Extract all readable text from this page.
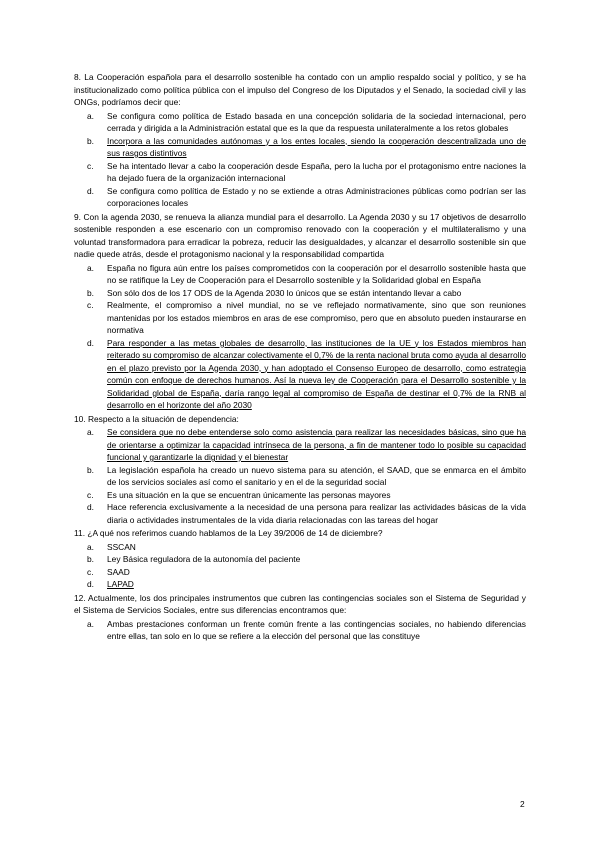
8. La Cooperación española para el desarrollo sostenible ha contado con un amplio respaldo social y político, y se ha institucionalizado como política pública con el impulso del Congreso de los Diputados y el Senado, la sociedad civil y las ONGs, podríamos decir que:

a. Se configura como política de Estado basada en una concepción solidaria de la sociedad internacional, pero cerrada y dirigida a la Administración estatal que es la que da respuesta unilateralmente a los retos globales
b. Incorpora a las comunidades autónomas y a los entes locales, siendo la cooperación descentralizada uno de sus rasgos distintivos
c. Se ha intentado llevar a cabo la cooperación desde España, pero la lucha por el protagonismo entre naciones la ha dejado fuera de la organización internacional
d. Se configura como política de Estado y no se extiende a otras Administraciones públicas como podrían ser las corporaciones locales

9. Con la agenda 2030, se renueva la alianza mundial para el desarrollo. La Agenda 2030 y su 17 objetivos de desarrollo sostenible responden a ese escenario con un compromiso renovado con la cooperación y el multilateralismo y una voluntad transformadora para erradicar la pobreza, reducir las desigualdades, y alcanzar el desarrollo sostenible sin que nadie quede atrás, desde el protagonismo nacional y la responsabilidad compartida

a. España no figura aún entre los países comprometidos con la cooperación por el desarrollo sostenible hasta que no se ratifique la Ley de Cooperación para el Desarrollo sostenible y la Solidaridad global en España
b. Son sólo dos de los 17 ODS de la Agenda 2030 lo únicos que se están intentando llevar a cabo
c. Realmente, el compromiso a nivel mundial, no se ve reflejado normativamente, sino que son reuniones mantenidas por los estados miembros en aras de ese compromiso, pero que en absoluto pueden instaurarse en normativa
d. Para responder a las metas globales de desarrollo, las instituciones de la UE y los Estados miembros han reiterado su compromiso de alcanzar colectivamente el 0,7% de la renta nacional bruta como ayuda al desarrollo en el plazo previsto por la Agenda 2030, y han adoptado el Consenso Europeo de desarrollo, como estrategia común con enfoque de derechos humanos. Así la nueva ley de Cooperación para el Desarrollo sostenible y la Solidaridad global de España, daría rango legal al compromiso de España de destinar el 0,7% de la RNB al desarrollo en el horizonte del año 2030

10. Respecto a la situación de dependencia:

a. Se considera que no debe entenderse solo como asistencia para realizar las necesidades básicas, sino que ha de orientarse a optimizar la capacidad intrínseca de la persona, a fin de mantener todo lo posible su capacidad funcional y garantizarle la dignidad y el bienestar
b. La legislación española ha creado un nuevo sistema para su atención, el SAAD, que se enmarca en el ámbito de los servicios sociales así como el sanitario y en el de la seguridad social
c. Es una situación en la que se encuentran únicamente las personas mayores
d. Hace referencia exclusivamente a la necesidad de una persona para realizar las actividades básicas de la vida diaria o actividades instrumentales de la vida diaria relacionadas con las tareas del hogar

11. ¿A qué nos referimos cuando hablamos de la Ley 39/2006 de 14 de diciembre?

a. SSCAN
b. Ley Básica reguladora de la autonomía del paciente
c. SAAD
d. LAPAD

12. Actualmente, los dos principales instrumentos que cubren las contingencias sociales son el Sistema de Seguridad y el Sistema de Servicios Sociales, entre sus diferencias encontramos que:

a. Ambas prestaciones conforman un frente común frente a las contingencias sociales, no habiendo diferencias entre ellas, tan solo en lo que se refiere a la elección del personal que las constituye
2
